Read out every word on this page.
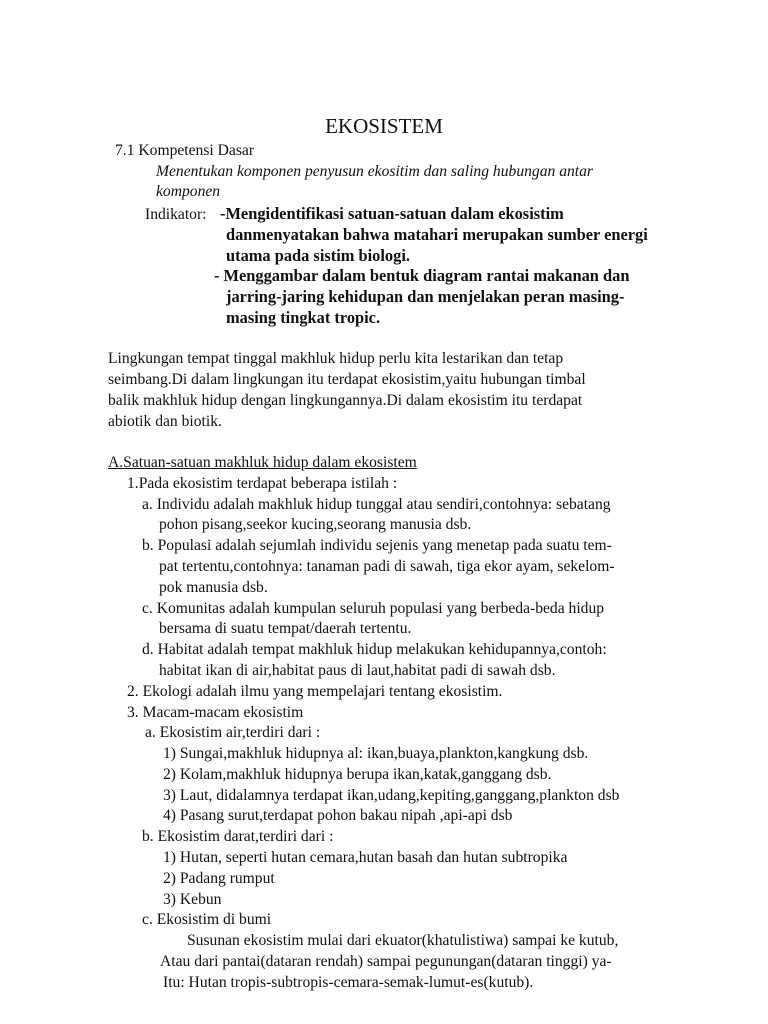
EKOSISTEM
7.1 Kompetensi Dasar
Menentukan komponen penyusun ekositim dan saling hubungan antar
komponen
Indikator: -Mengidentifikasi satuan-satuan dalam ekosistim
danmenyatakan bahwa matahari merupakan sumber energi
utama pada sistim biologi.
- Menggambar dalam bentuk diagram rantai makanan dan
jarring-jaring kehidupan dan menjelakan peran masing-
masing tingkat tropic.
Lingkungan tempat tinggal makhluk hidup perlu kita lestarikan dan tetap
seimbang.Di dalam lingkungan itu terdapat ekosistim,yaitu hubungan timbal
balik makhluk hidup dengan lingkungannya.Di dalam ekosistim itu terdapat
abiotik dan biotik.
A.Satuan-satuan makhluk hidup dalam ekosistem
1.Pada ekosistim terdapat beberapa istilah :
a. Individu adalah makhluk hidup tunggal atau sendiri,contohnya: sebatang
pohon pisang,seekor kucing,seorang manusia dsb.
b. Populasi adalah sejumlah individu sejenis yang menetap pada suatu tem-
pat tertentu,contohnya: tanaman padi di sawah, tiga ekor ayam, sekelom-
pok manusia dsb.
c. Komunitas adalah kumpulan seluruh populasi yang berbeda-beda hidup
bersama di suatu tempat/daerah tertentu.
d. Habitat adalah tempat makhluk hidup melakukan kehidupannya,contoh:
habitat ikan di air,habitat paus di laut,habitat padi di sawah dsb.
2. Ekologi adalah ilmu yang mempelajari tentang ekosistim.
3. Macam-macam ekosistim
a. Ekosistim air,terdiri dari :
1) Sungai,makhluk hidupnya al: ikan,buaya,plankton,kangkung dsb.
2) Kolam,makhluk hidupnya berupa ikan,katak,ganggang dsb.
3) Laut, didalamnya terdapat ikan,udang,kepiting,ganggang,plankton dsb
4) Pasang surut,terdapat pohon bakau nipah ,api-api dsb
b. Ekosistim darat,terdiri dari :
1) Hutan, seperti hutan cemara,hutan basah dan hutan subtropika
2) Padang rumput
3) Kebun
c. Ekosistim di bumi
Susunan ekosistim mulai dari ekuator(khatulistiwa) sampai ke kutub,
Atau dari pantai(dataran rendah) sampai pegunungan(dataran tinggi) ya-
Itu: Hutan tropis-subtropis-cemara-semak-lumut-es(kutub).
